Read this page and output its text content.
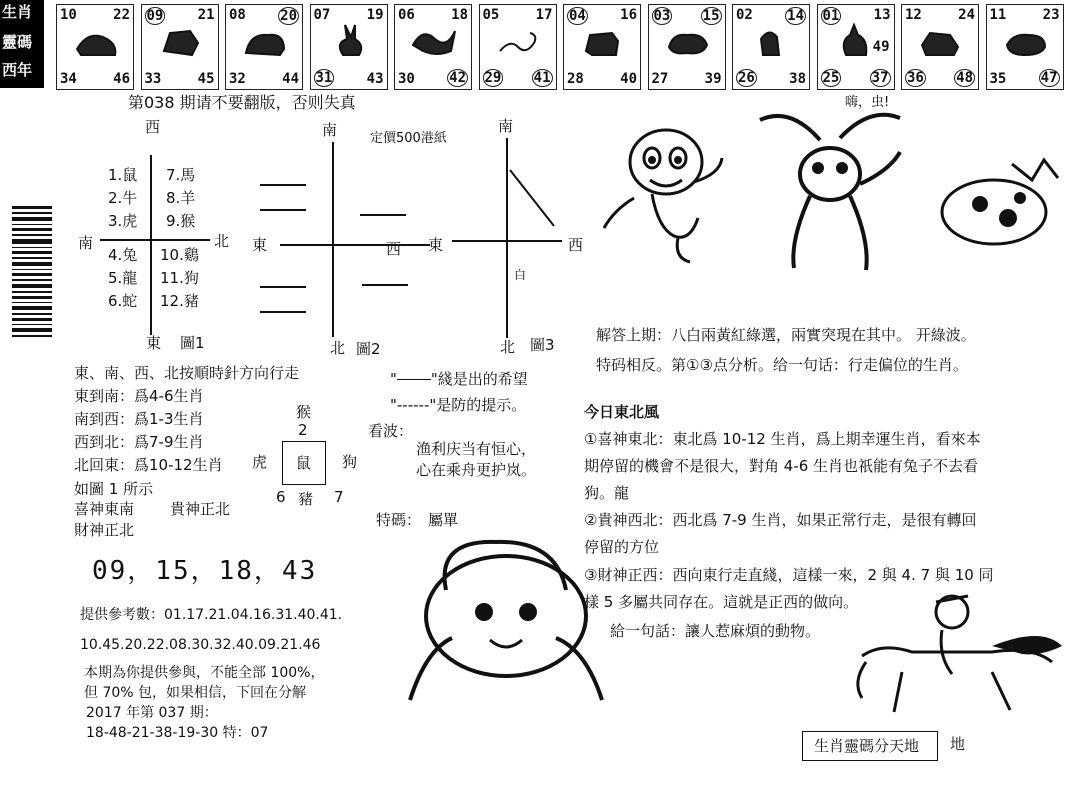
生肖
靈碼
西年
10	22
34	46
09 21
33	45
08 20
32	44
07	19
31 43
06	18
30 42
05	17
29 41
04 16
28	40
03 15
27	39
02 14
26 38
01 13
25 37
49
12	24
36 48
11	23
35 47
第038 期请不要翻版，否则失真
定價500港紙
嗨，虫!
西
南	北
東 圖1
1.鼠
2.牛
3.虎
4.兔
5.龍
6.蛇
7.馬
8.羊
9.猴
10.鷄
11.狗
12.豬
南
東	西
北 圖2
南
東	西
白
北 圖3
東、南、西、北按順時針方向行走
東到南：爲4-6生肖
南到西：爲1-3生肖
西到北：爲7-9生肖
北回東：爲10-12生肖
如圖 1 所示
喜神東南 貴神正北
財神正北
09，15，18，43
提供參考數：01.17.21.04.16.31.40.41.
10.45.20.22.08.30.32.40.09.21.46
本期為你提供參與，不能全部 100%，
但 70% 包，如果相信，下回在分解
2017 年第 037 期：
18-48-21-38-19-30 特：07
猴
2
虎 鼠 狗
6 豬 7
" "綫是出的希望
"------"是防的提示。
看波：
渔利庆当有恒心，
心在乘舟更护岚。
特碼： 屬單
解答上期：八白兩黃紅綠選，兩實突現在其中。 开綠波。
特码相反。第①③点分析。给一句话：行走偏位的生肖。
今日東北風
①喜神東北：東北爲 10-12 生肖，爲上期幸運生肖，看來本
期停留的機會不是很大，對角 4-6 生肖也祇能有兔子不去看
狗。龍
②貴神西北：西北爲 7-9 生肖，如果正常行走，是很有轉回
停留的方位
③財神正西：西向東行走直綫，這樣一來，2 與 4. 7 與 10 同
樣 5 多屬共同存在。這就是正西的做向。
給一句話：讓人惹麻煩的動物。
生肖靈碼分天地 地
